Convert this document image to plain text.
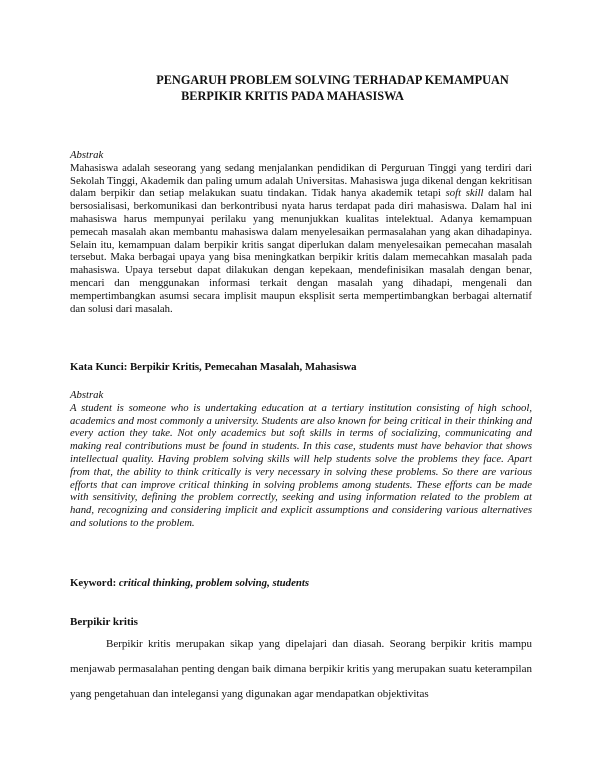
PENGARUH PROBLEM SOLVING TERHADAP KEMAMPUAN

BERPIKIR KRITIS PADA MAHASISWA
Abstrak
Mahasiswa adalah seseorang yang sedang menjalankan pendidikan di Perguruan Tinggi yang terdiri dari Sekolah Tinggi, Akademik dan paling umum adalah Universitas. Mahasiswa juga dikenal dengan kekritisan dalam berpikir dan setiap melakukan suatu tindakan. Tidak hanya akademik tetapi soft skill dalam hal bersosialisasi, berkomunikasi dan berkontribusi nyata harus terdapat pada diri mahasiswa. Dalam hal ini mahasiswa harus mempunyai perilaku yang menunjukkan kualitas intelektual. Adanya kemampuan pemecah masalah akan membantu mahasiswa dalam menyelesaikan permasalahan yang akan dihadapinya. Selain itu, kemampuan dalam berpikir kritis sangat diperlukan dalam menyelesaikan pemecahan masalah tersebut. Maka berbagai upaya yang bisa meningkatkan berpikir kritis dalam memecahkan masalah pada mahasiswa. Upaya tersebut dapat dilakukan dengan kepekaan, mendefinisikan masalah dengan benar, mencari dan menggunakan informasi terkait dengan masalah yang dihadapi, mengenali dan mempertimbangkan asumsi secara implisit maupun eksplisit serta mempertimbangkan berbagai alternatif dan solusi dari masalah.
Kata Kunci: Berpikir Kritis, Pemecahan Masalah, Mahasiswa
Abstrak
A student is someone who is undertaking education at a tertiary institution consisting of high school, academics and most commonly a university. Students are also known for being critical in their thinking and every action they take. Not only academics but soft skills in terms of socializing, communicating and making real contributions must be found in students. In this case, students must have behavior that shows intellectual quality. Having problem solving skills will help students solve the problems they face. Apart from that, the ability to think critically is very necessary in solving these problems. So there are various efforts that can improve critical thinking in solving problems among students. These efforts can be made with sensitivity, defining the problem correctly, seeking and using information related to the problem at hand, recognizing and considering implicit and explicit assumptions and considering various alternatives and solutions to the problem.
Keyword: critical thinking, problem solving, students
Berpikir kritis

Berpikir kritis merupakan sikap yang dipelajari dan diasah. Seorang berpikir kritis mampu menjawab permasalahan penting dengan baik dimana berpikir kritis yang merupakan suatu keterampilan yang pengetahuan dan intelegansi yang digunakan agar mendapatkan objektivitas
